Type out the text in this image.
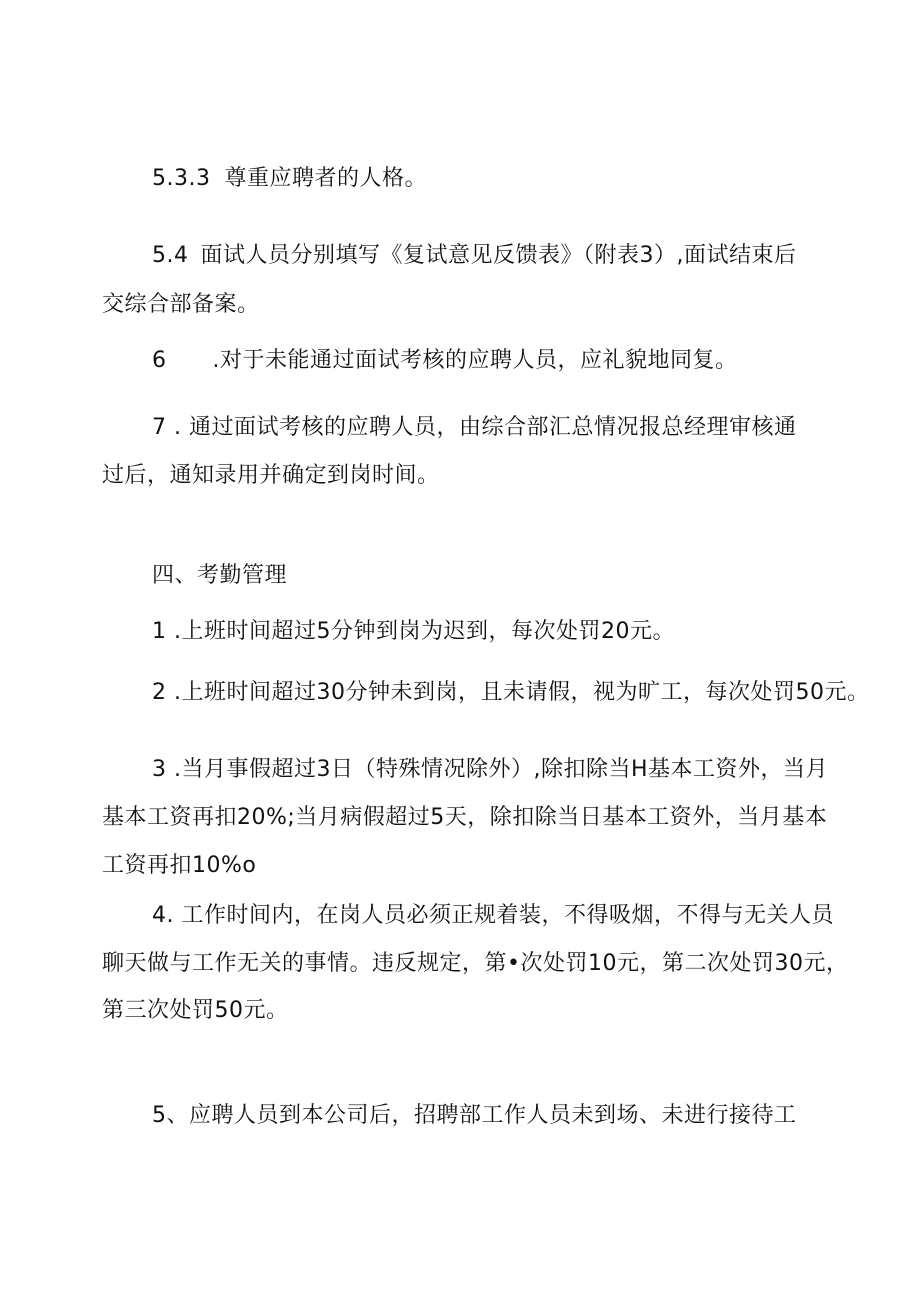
5.3.3 尊重应聘者的人格。
5.4 面试人员分别填写《复试意见反馈表》（附表3）,面试结束后
交综合部备案。
6 .对于未能通过面试考核的应聘人员，应礼貌地同复。
7 . 通过面试考核的应聘人员，由综合部汇总情况报总经理审核通
过后，通知录用并确定到岗时间。
四、考勤管理
1 .上班时间超过5分钟到岗为迟到，每次处罚20元。
2 .上班时间超过30分钟未到岗，且未请假，视为旷工，每次处罚50元。
3 .当月事假超过3日（特殊情况除外）,除扣除当H基本工资外，当月
基本工资再扣20%;当月病假超过5天，除扣除当日基本工资外，当月基本
工资再扣10%o
4. 工作时间内，在岗人员必须正规着装，不得吸烟，不得与无关人员
聊天做与工作无关的事情。违反规定，第•次处罚10元，第二次处罚30元，
第三次处罚50元。
5、应聘人员到本公司后，招聘部工作人员未到场、未进行接待工
